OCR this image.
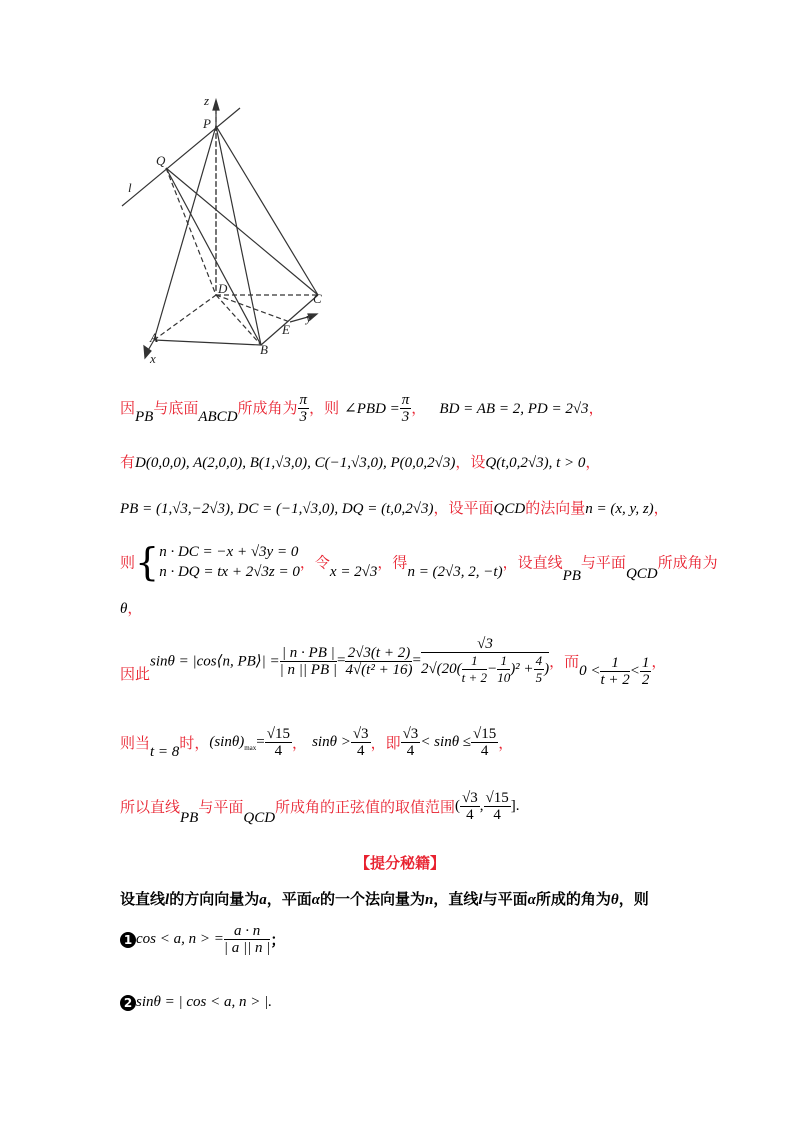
z
P
Q
l
D
C
E
y
A
B
x
因PB与底面ABCD所成角为 $\frac{\pi}{3}$ ，则 ∠PBD = $\frac{\pi}{3}$ ， BD = AB = 2, PD = 2√3，
有D(0,0,0), A(2,0,0), B(1,√3,0), C(−1,√3,0), P(0,0,2√3)，设Q(t,0,2√3), t > 0，
PB = (1,√3,−2√3), DC = (−1,√3,0), DQ = (t,0,2√3)，设平面QCD的法向量n = (x, y, z)，
则{ n · DC = −x + √3y = 0
n · DQ = tx + 2√3z = 0
，令x = 2√3，得n = (2√3, 2, −t)，设直线PB与平面QCD所成角为
θ，
因此sinθ = |cos⟨n, PB⟩| = $\frac{| n \cdot PB |}{| n || PB |} = \frac{2√3(t + 2)}{\text{4√(t² + 16)}} = \frac{√3}{2√(20( \frac{1}{t + 2} - \frac{1}{10} )^2 + \frac{4}{5} )}$ ，而$0 < \frac{1}{t + 2} < \frac{1}{2}$ ，
则当t = 8时，$(\sin\theta)_{max}= \frac{√15}{4}$ ， $\sin\theta > \frac{√3}{4}$ ，即 $\frac{√3}{4} < \sin\theta \le \frac{√15}{4}$ ，
所以直线PB与平面QCD所成角的正弦值的取值范围( $\frac{√3}{4}$ , $\frac{√15}{4}$ ].
【提分秘籍】
设直线l的方向向量为a，平面α的一个法向量为n，直线l与平面α所成的角为θ，则
1 cos < a, n > = $\frac{a \cdot n}{| a || n |}$ ；
2 sinθ = | cos < a, n > |.
